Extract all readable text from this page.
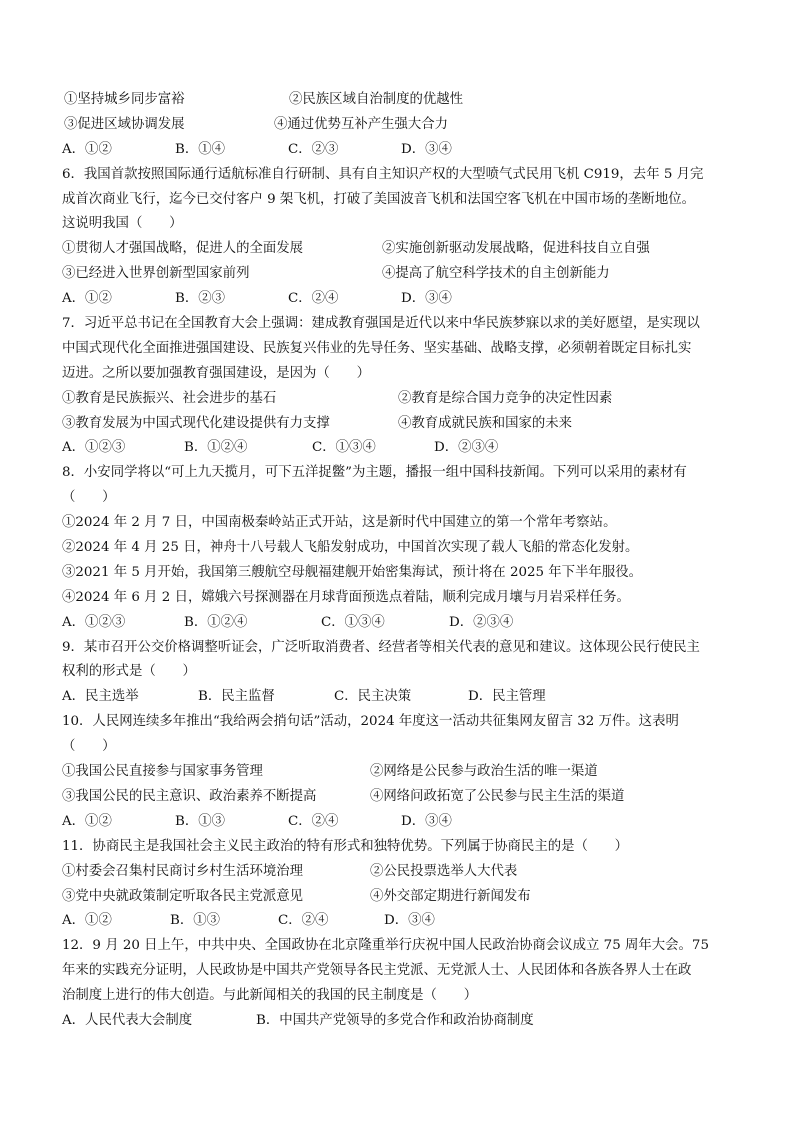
①坚持城乡同步富裕	②民族区域自治制度的优越性
③促进区域协调发展	④通过优势互补产生强大合力
A．①②	B．①④	C．②③	D．③④
6．我国首款按照国际通行适航标准自行研制、具有自主知识产权的大型喷气式民用飞机 C919，去年 5 月完
成首次商业飞行，迄今已交付客户 9 架飞机，打破了美国波音飞机和法国空客飞机在中国市场的垄断地位。
这说明我国（　　）
①贯彻人才强国战略，促进人的全面发展	②实施创新驱动发展战略，促进科技自立自强
③已经进入世界创新型国家前列	④提高了航空科学技术的自主创新能力
A．①②	B．②③	C．②④	D．③④
7．习近平总书记在全国教育大会上强调：建成教育强国是近代以来中华民族梦寐以求的美好愿望，是实现以
中国式现代化全面推进强国建设、民族复兴伟业的先导任务、坚实基础、战略支撑，必须朝着既定目标扎实
迈进。之所以要加强教育强国建设，是因为（　　）
①教育是民族振兴、社会进步的基石	②教育是综合国力竞争的决定性因素
③教育发展为中国式现代化建设提供有力支撑	④教育成就民族和国家的未来
A．①②③	B．①②④	C．①③④	D．②③④
8．小安同学将以“可上九天揽月，可下五洋捉鳖”为主题，播报一组中国科技新闻。下列可以采用的素材有
（　　）
①2024 年 2 月 7 日，中国南极秦岭站正式开站，这是新时代中国建立的第一个常年考察站。
②2024 年 4 月 25 日，神舟十八号载人飞船发射成功，中国首次实现了载人飞船的常态化发射。
③2021 年 5 月开始，我国第三艘航空母舰福建舰开始密集海试，预计将在 2025 年下半年服役。
④2024 年 6 月 2 日，嫦娥六号探测器在月球背面预选点着陆，顺利完成月壤与月岩采样任务。
A．①②③	B．①②④	C．①③④	D．②③④
9．某市召开公交价格调整听证会，广泛听取消费者、经营者等相关代表的意见和建议。这体现公民行使民主
权利的形式是（　　）
A．民主选举	B．民主监督	C．民主决策	D．民主管理
10．人民网连续多年推出“我给两会捎句话”活动，2024 年度这一活动共征集网友留言 32 万件。这表明
（　　）
①我国公民直接参与国家事务管理	②网络是公民参与政治生活的唯一渠道
③我国公民的民主意识、政治素养不断提高	④网络问政拓宽了公民参与民主生活的渠道
A．①②	B．①③	C．②④	D．③④
11．协商民主是我国社会主义民主政治的特有形式和独特优势。下列属于协商民主的是（　　）
①村委会召集村民商讨乡村生活环境治理	②公民投票选举人大代表
③党中央就政策制定听取各民主党派意见	④外交部定期进行新闻发布
A．①②	B．①③	C．②④	D．③④
12．9 月 20 日上午，中共中央、全国政协在北京隆重举行庆祝中国人民政治协商会议成立 75 周年大会。75
年来的实践充分证明，人民政协是中国共产党领导各民主党派、无党派人士、人民团体和各族各界人士在政
治制度上进行的伟大创造。与此新闻相关的我国的民主制度是（　　）
A．人民代表大会制度	B．中国共产党领导的多党合作和政治协商制度
